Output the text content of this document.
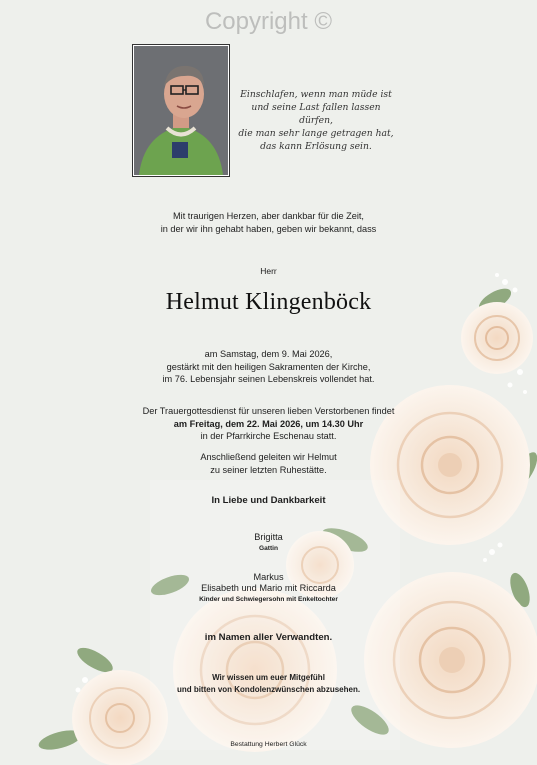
Copyright ©
Einschlafen, wenn man müde ist
und seine Last fallen lassen dürfen,
die man sehr lange getragen hat,
das kann Erlösung sein.
Mit traurigen Herzen, aber dankbar für die Zeit,
in der wir ihn gehabt haben, geben wir bekannt, dass
Herr
Helmut Klingenböck
am Samstag, dem 9. Mai 2026,
gestärkt mit den heiligen Sakramenten der Kirche,
im 76. Lebensjahr seinen Lebenskreis vollendet hat.
Der Trauergottesdienst für unseren lieben Verstorbenen findet
am Freitag, dem 22. Mai 2026, um 14.30 Uhr
in der Pfarrkirche Eschenau statt.
Anschließend geleiten wir Helmut
zu seiner letzten Ruhestätte.
In Liebe und Dankbarkeit
Brigitta
Gattin
Markus
Elisabeth und Mario mit Riccarda
Kinder und Schwiegersohn mit Enkeltochter
im Namen aller Verwandten.
Wir wissen um euer Mitgefühl
und bitten von Kondolenzwünschen abzusehen.
Bestattung Herbert Glück
